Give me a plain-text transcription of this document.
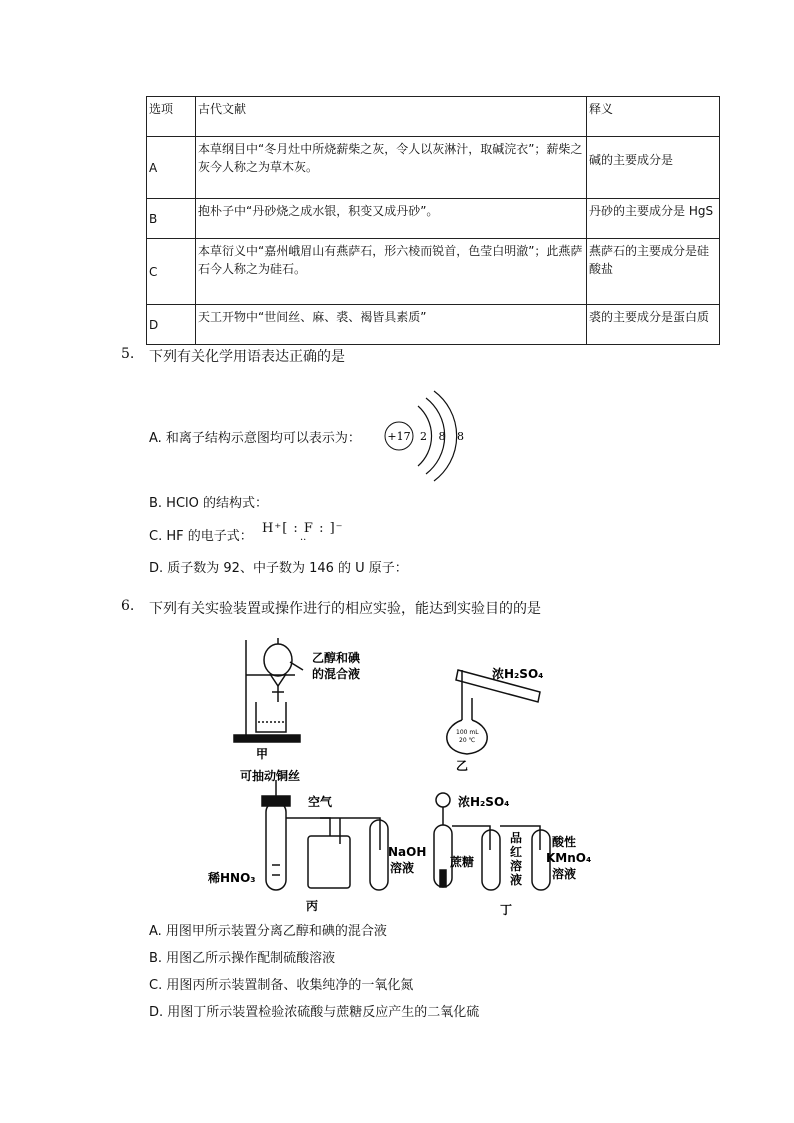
选项	古代文献	释义
A	本草纲目中“冬月灶中所烧薪柴之灰，令人以灰淋汁，取碱浣衣”；薪柴之灰今人称之为草木灰。	碱的主要成分是
B	抱朴子中“丹砂烧之成水银，积变又成丹砂”。	丹砂的主要成分是 HgS
C	本草衍义中“嘉州峨眉山有燕萨石，形六棱而锐首，色莹白明澈”；此燕萨石今人称之为硅石。	燕萨石的主要成分是硅酸盐
D	天工开物中“世间丝、麻、裘、褐皆具素质”	裘的主要成分是蛋白质
5. 下列有关化学用语表达正确的是
A. 和离子结构示意图均可以表示为： +17 2 8 8
B. HClO 的结构式：
C. HF 的电子式：
H⁺[ : F : ]⁻
··
D. 质子数为 92、中子数为 146 的 U 原子：
6. 下列有关实验装置或操作进行的相应实验，能达到实验目的的是
乙醇和碘
的混合液
甲
浓H₂SO₄
100 mL
20 ℃
乙
可抽动铜丝
空气
稀HNO₃
NaOH
溶液
丙
浓H₂SO₄
蔗糖
品
红
溶
液
酸性
KMnO₄
溶液
丁
A. 用图甲所示装置分离乙醇和碘的混合液
B. 用图乙所示操作配制硫酸溶液
C. 用图丙所示装置制备、收集纯净的一氧化氮
D. 用图丁所示装置检验浓硫酸与蔗糖反应产生的二氧化硫
